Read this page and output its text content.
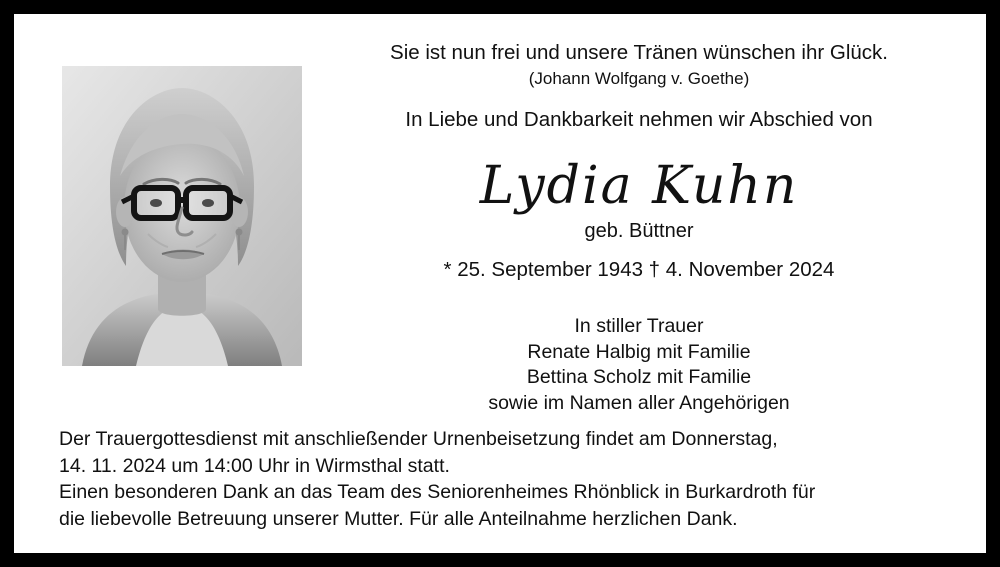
Sie ist nun frei und unsere Tränen wünschen ihr Glück.
(Johann Wolfgang v. Goethe)
In Liebe und Dankbarkeit nehmen wir Abschied von
Lydia Kuhn
geb. Büttner
* 25. September 1943 † 4. November 2024
In stiller Trauer
Renate Halbig mit Familie
Bettina Scholz mit Familie
sowie im Namen aller Angehörigen
Der Trauergottesdienst mit anschließender Urnenbeisetzung findet am Donnerstag,
14. 11. 2024 um 14:00 Uhr in Wirmsthal statt.
Einen besonderen Dank an das Team des Seniorenheimes Rhönblick in Burkardroth für
die liebevolle Betreuung unserer Mutter. Für alle Anteilnahme herzlichen Dank.
